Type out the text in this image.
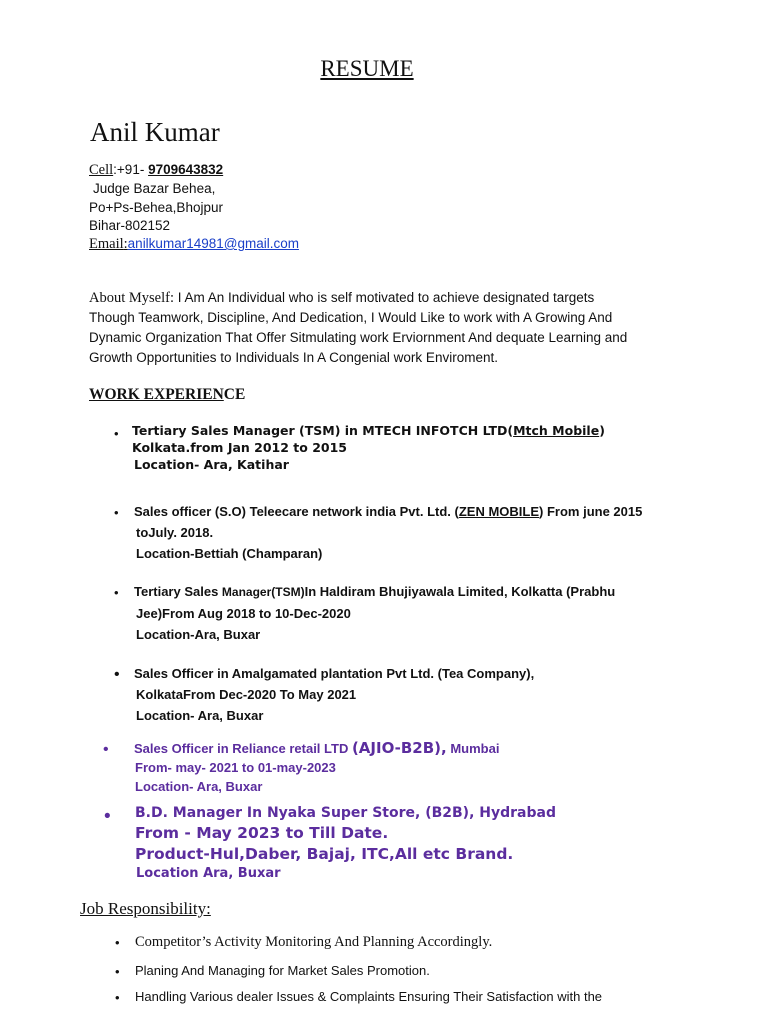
RESUME
Anil Kumar
Cell:+91- 9709643832
Judge Bazar Behea,
Po+Ps-Behea,Bhojpur
Bihar-802152
Email:anilkumar14981@gmail.com
About Myself: I Am An Individual who is self motivated to achieve designated targets
Though Teamwork, Discipline, And Dedication, I Would Like to work with A Growing And
Dynamic Organization That Offer Sitmulating work Erviornment And dequate Learning and
Growth Opportunities to Individuals In A Congenial work Enviroment.
WORK EXPERIENCE
• Tertiary Sales Manager (TSM) in MTECH INFOTCH LTD(Mtch Mobile)
Kolkata.from Jan 2012 to 2015
Location- Ara, Katihar
• Sales officer (S.O) Teleecare network india Pvt. Ltd. (ZEN MOBILE) From june 2015
toJuly. 2018.
Location-Bettiah (Champaran)
• Tertiary Sales Manager(TSM)In Haldiram Bhujiyawala Limited, Kolkatta (Prabhu
Jee)From Aug 2018 to 10-Dec-2020
Location-Ara, Buxar
• Sales Officer in Amalgamated plantation Pvt Ltd. (Tea Company),
KolkataFrom Dec-2020 To May 2021
Location- Ara, Buxar
• Sales Officer in Reliance retail LTD (AJIO-B2B), Mumbai
From- may- 2021 to 01-may-2023
Location- Ara, Buxar
• B.D. Manager In Nyaka Super Store, (B2B), Hydrabad
From - May 2023 to Till Date.
Product-Hul,Daber, Bajaj, ITC,All etc Brand.
Location Ara, Buxar
Job Responsibility:
• Competitor’s Activity Monitoring And Planning Accordingly.
• Planing And Managing for Market Sales Promotion.
• Handling Various dealer Issues & Complaints Ensuring Their Satisfaction with the
